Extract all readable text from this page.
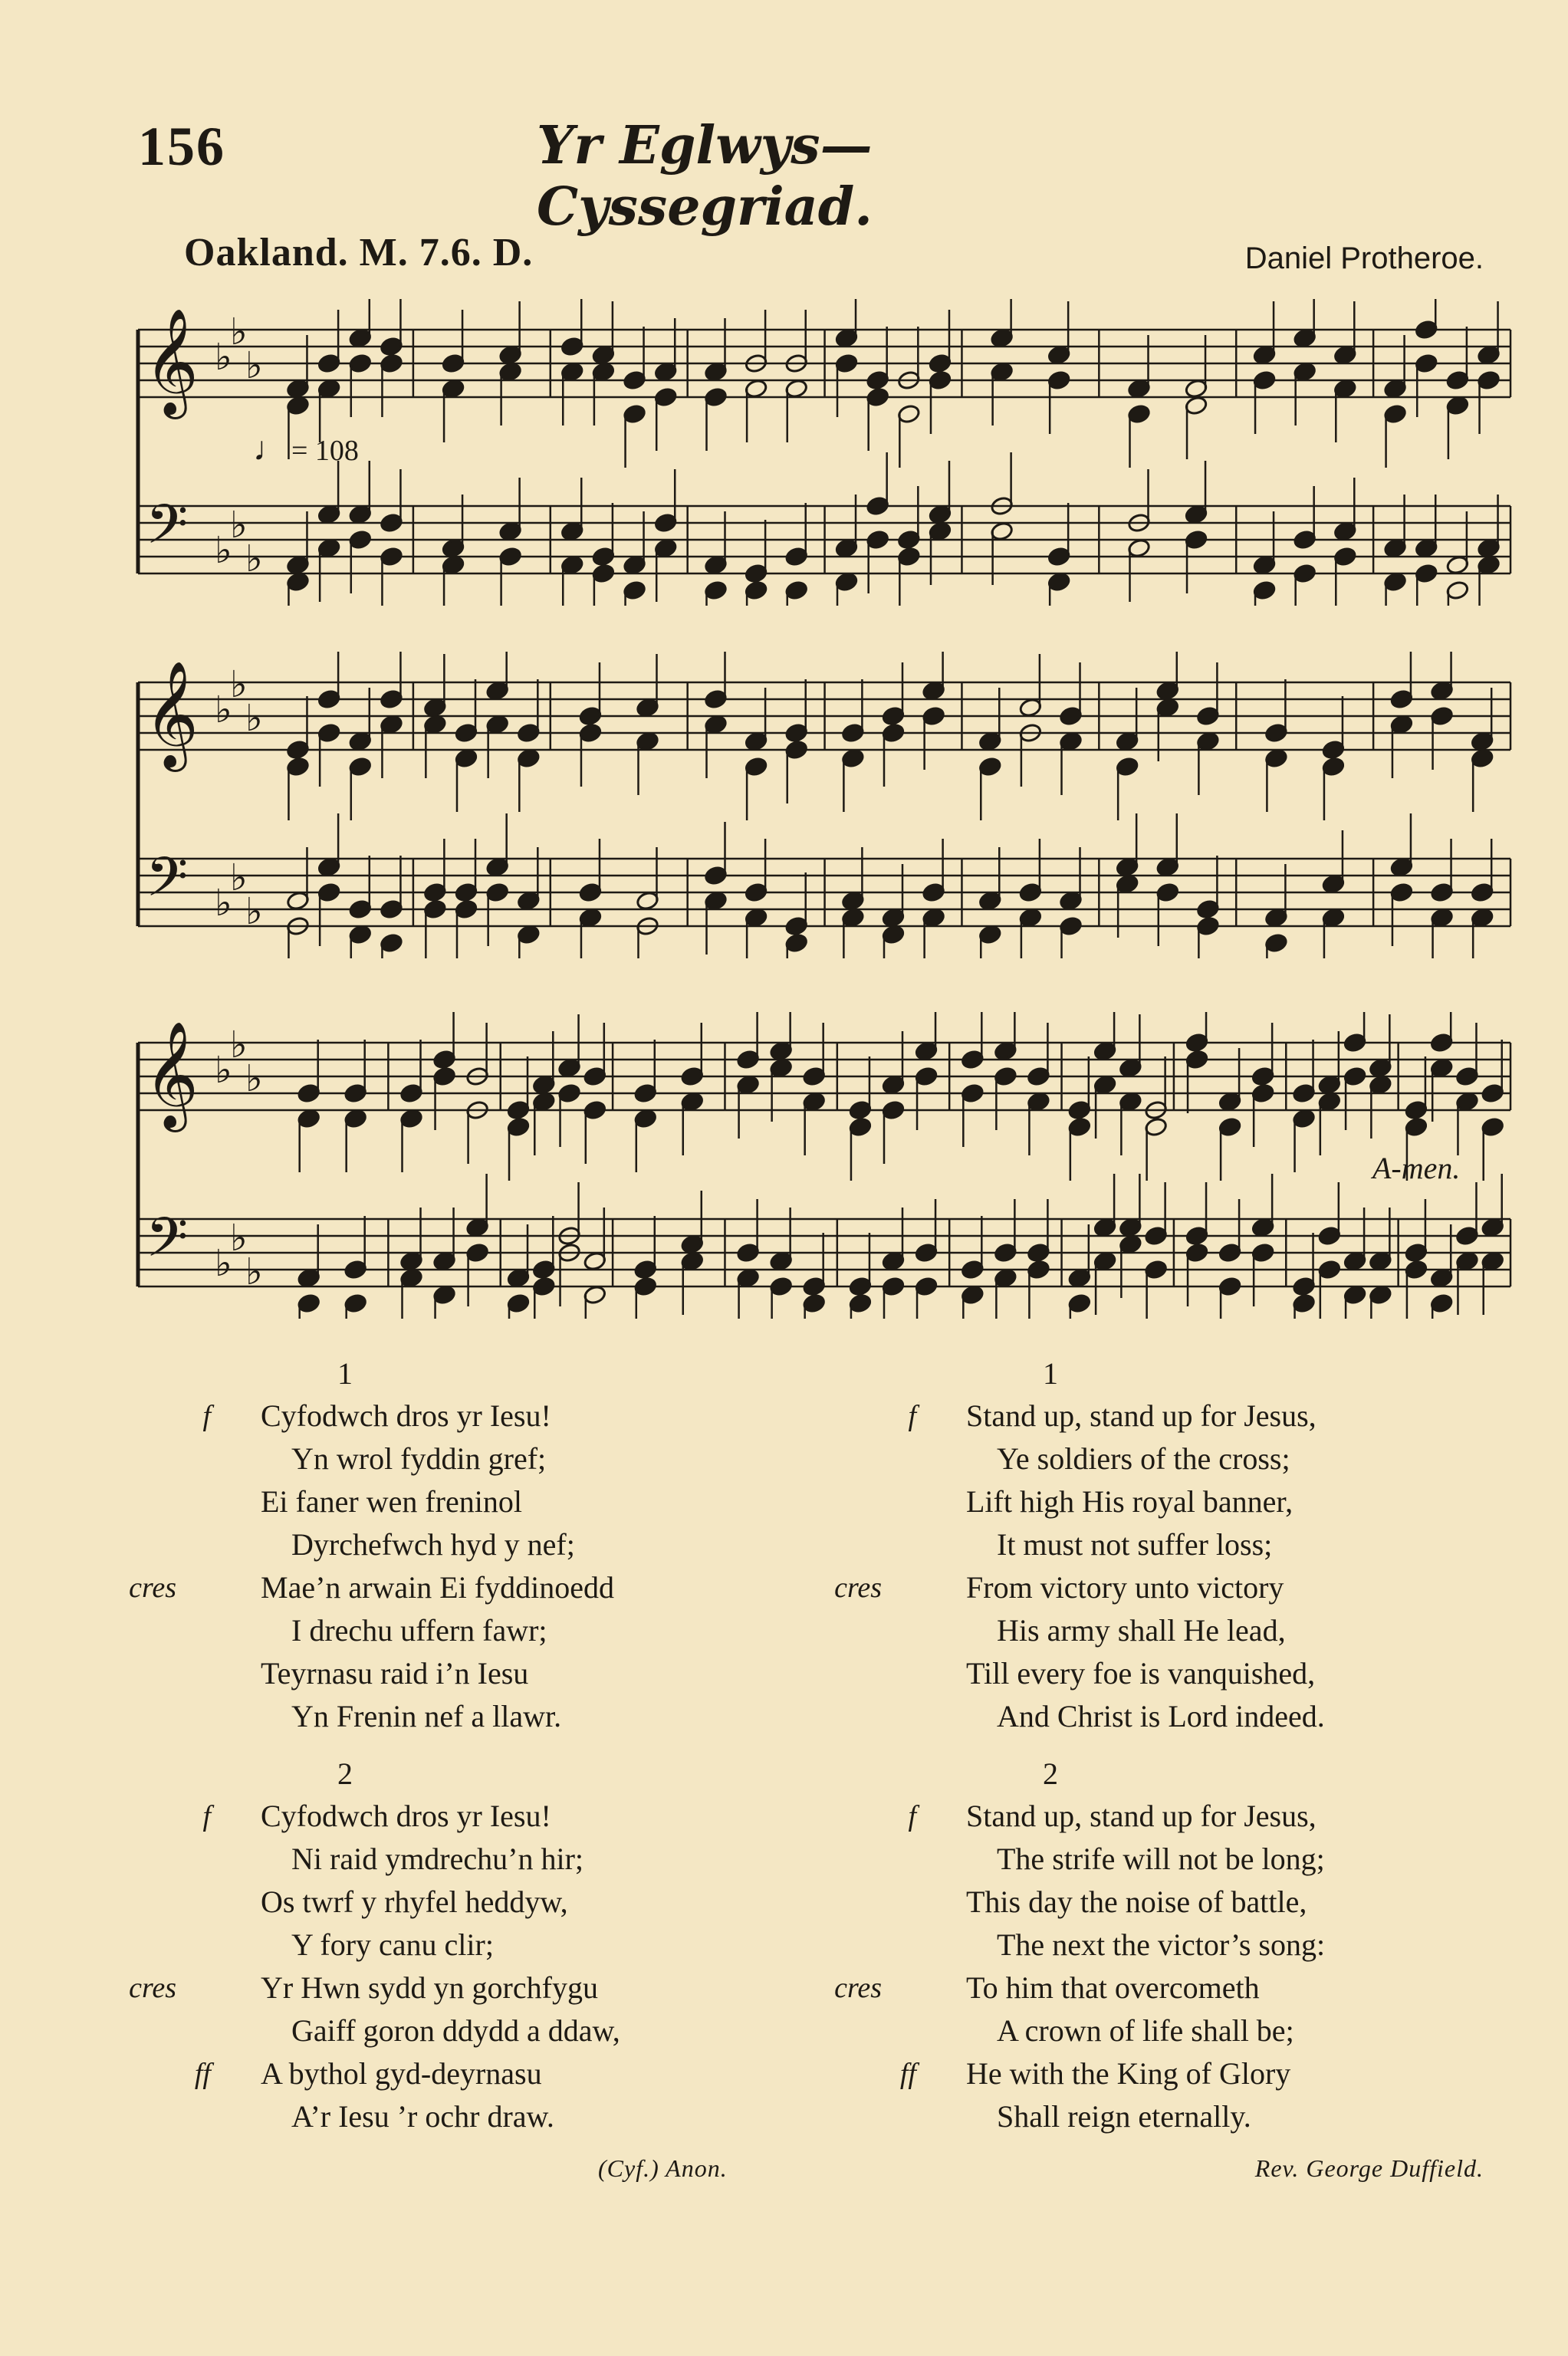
156	Yr Eglwys—Cyssegriad.
Oakland. M. 7.6. D.	Daniel Protheroe.
♩ = 108
𝄞
𝄢
♭
♭
♭
♭
♭
♭
𝄞
𝄢
♭
♭
♭
♭
♭
♭
𝄞
𝄢
♭
♭
♭
♭
♭
♭
A-men.
1
f Cyfodwch dros yr Iesu!
Yn wrol fyddin gref;
Ei faner wen freninol
Dyrchefwch hyd y nef;
cres	Mae’n arwain Ei fyddinoedd
I drechu uffern fawr;
Teyrnasu raid i’n Iesu
Yn Frenin nef a llawr.
2
f Cyfodwch dros yr Iesu!
Ni raid ymdrechu’n hir;
Os twrf y rhyfel heddyw,
Y fory canu clir;
cres	Yr Hwn sydd yn gorchfygu
Gaiff goron ddydd a ddaw,
ff A bythol gyd-deyrnasu
A’r Iesu ’r ochr draw.
1
f Stand up, stand up for Jesus,
Ye soldiers of the cross;
Lift high His royal banner,
It must not suffer loss;
cres	From victory unto victory
His army shall He lead,
Till every foe is vanquished,
And Christ is Lord indeed.
2
f Stand up, stand up for Jesus,
The strife will not be long;
This day the noise of battle,
The next the victor’s song:
cres	To him that overcometh
A crown of life shall be;
ff He with the King of Glory
Shall reign eternally.
(Cyf.) Anon.	Rev. George Duffield.
